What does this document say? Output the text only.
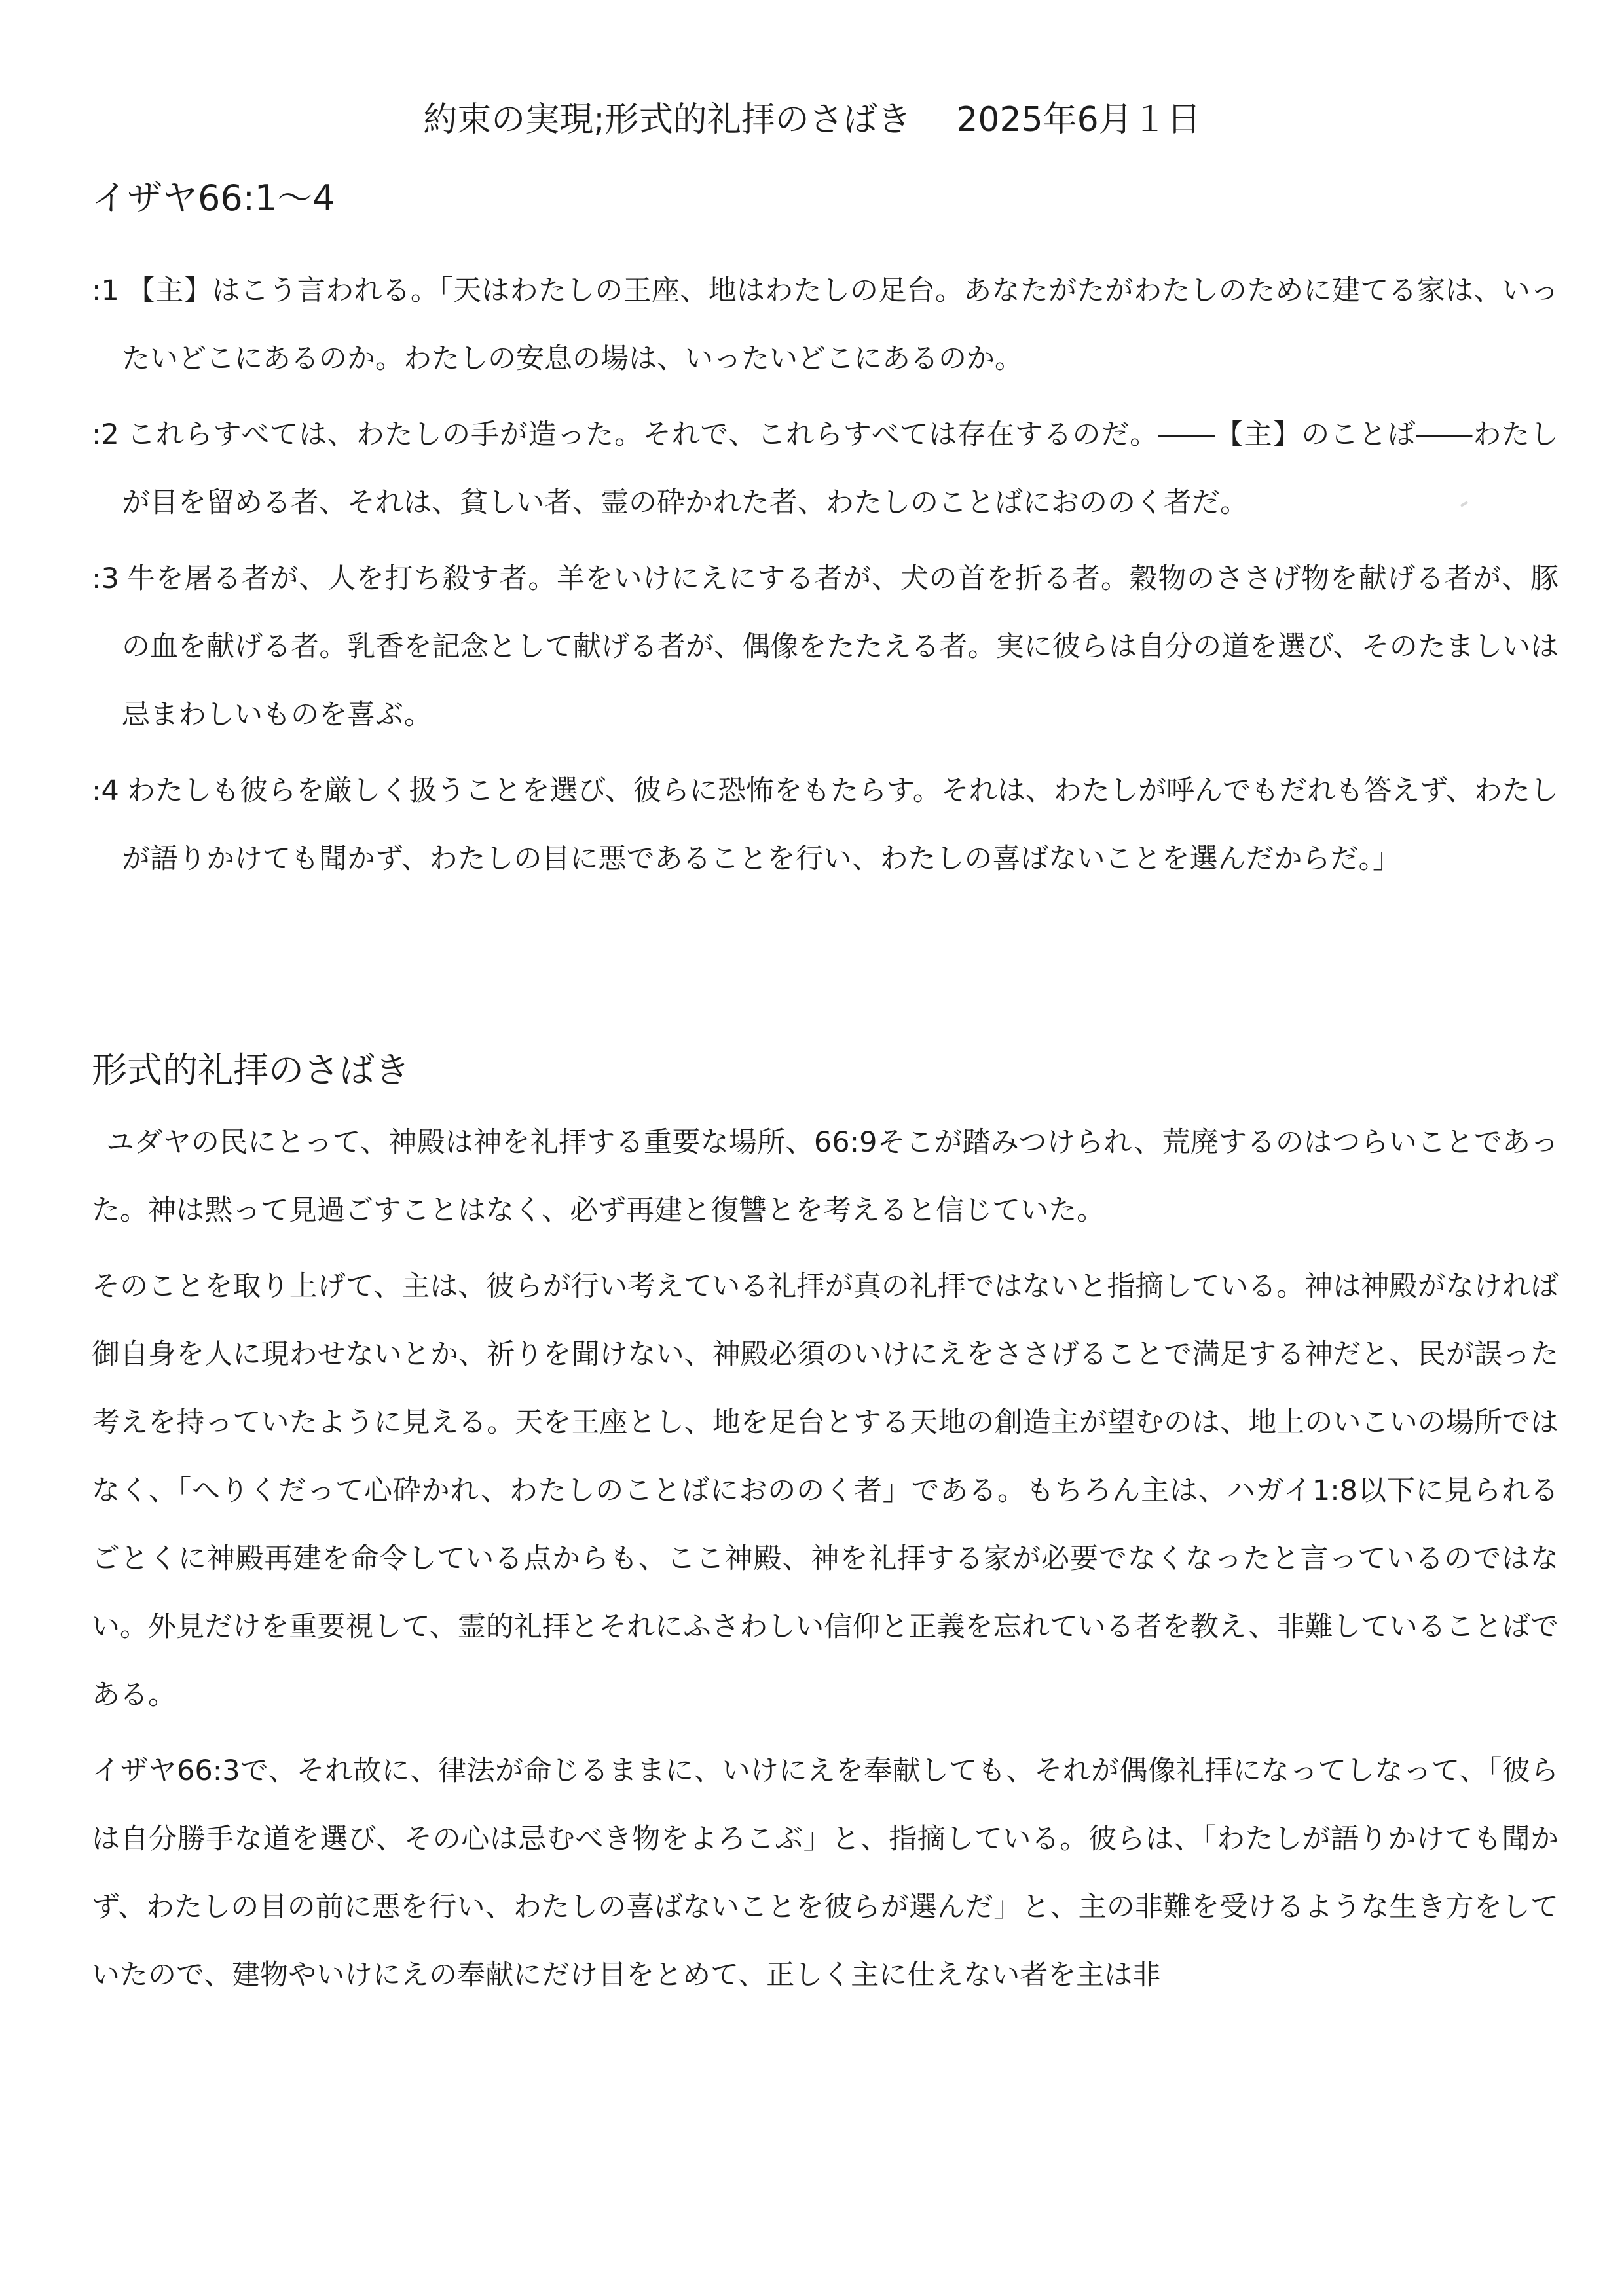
約束の実現;形式的礼拝のさばき　 2025年6月１日
イザヤ66:1～4
:1 【主】はこう言われる。「天はわたしの王座、地はわたしの足台。あなたがたがわたしのために建てる家は、いったいどこにあるのか。わたしの安息の場は、いったいどこにあるのか。
:2 これらすべては、わたしの手が造った。それで、これらすべては存在するのだ。――【主】のことば――わたしが目を留める者、それは、貧しい者、霊の砕かれた者、わたしのことばにおののく者だ。
:3 牛を屠る者が、人を打ち殺す者。羊をいけにえにする者が、犬の首を折る者。穀物のささげ物を献げる者が、豚の血を献げる者。乳香を記念として献げる者が、偶像をたたえる者。実に彼らは自分の道を選び、そのたましいは忌まわしいものを喜ぶ。
:4 わたしも彼らを厳しく扱うことを選び、彼らに恐怖をもたらす。それは、わたしが呼んでもだれも答えず、わたしが語りかけても聞かず、わたしの目に悪であることを行い、わたしの喜ばないことを選んだからだ。」
形式的礼拝のさばき

ユダヤの民にとって、神殿は神を礼拝する重要な場所、66:9そこが踏みつけられ、荒廃するのはつらいことであった。神は黙って見過ごすことはなく、必ず再建と復讐とを考えると信じていた。

そのことを取り上げて、主は、彼らが行い考えている礼拝が真の礼拝ではないと指摘している。神は神殿がなければ御自身を人に現わせないとか、祈りを聞けない、神殿必須のいけにえをささげることで満足する神だと、民が誤った考えを持っていたように見える。天を王座とし、地を足台とする天地の創造主が望むのは、地上のいこいの場所ではなく、「へりくだって心砕かれ、わたしのことばにおののく者」である。もちろん主は、ハガイ1:8以下に見られるごとくに神殿再建を命令している点からも、ここ神殿、神を礼拝する家が必要でなくなったと言っているのではない。外見だけを重要視して、霊的礼拝とそれにふさわしい信仰と正義を忘れている者を教え、非難していることばである。

イザヤ66:3で、それ故に、律法が命じるままに、いけにえを奉献しても、それが偶像礼拝になってしなって、「彼らは自分勝手な道を選び、その心は忌むべき物をよろこぶ」と、指摘している。彼らは、「わたしが語りかけても聞かず、わたしの目の前に悪を行い、わたしの喜ばないことを彼らが選んだ」と、主の非難を受けるような生き方をしていたので、建物やいけにえの奉献にだけ目をとめて、正しく主に仕えない者を主は非
